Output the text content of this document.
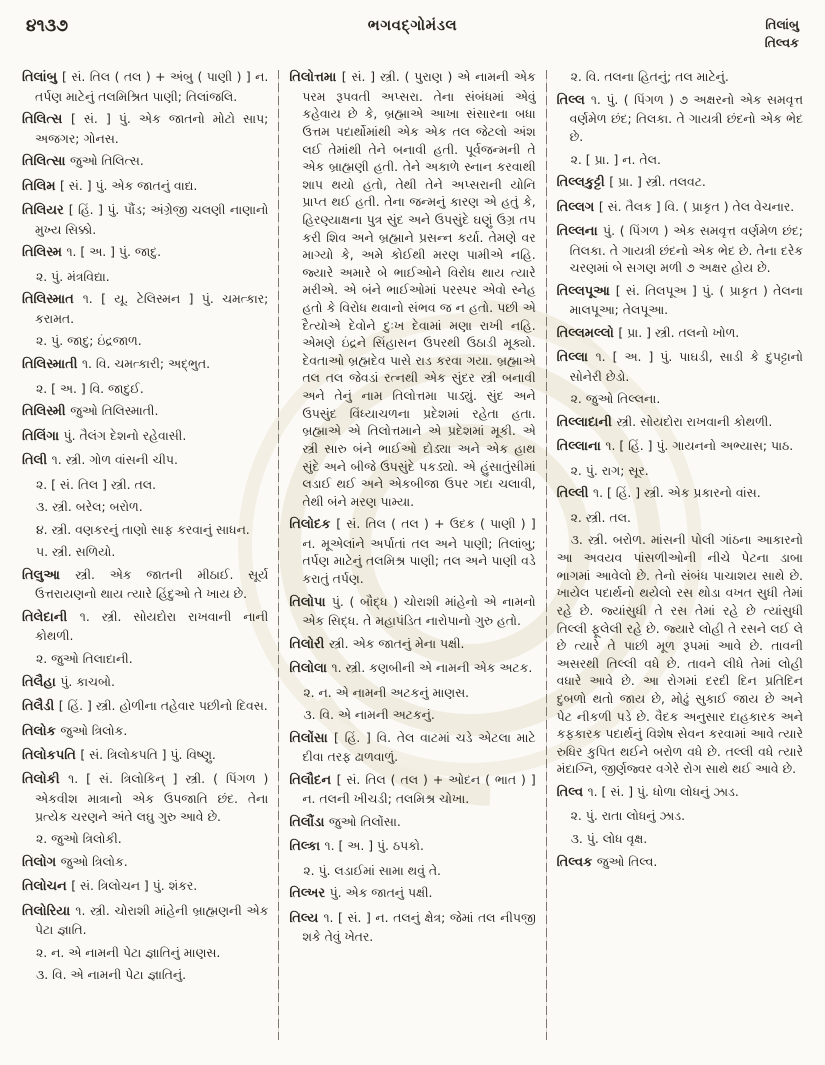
૪૧૩૭	ભગવદ્ગોમંડલ	તિલાંબુ
તિલ્વક

તિલાંબુ [ સં. તિલ ( તલ ) + અંબુ ( પાણી ) ] ન. તર્પણ માટેનું તલમિશ્રિત પાણી; તિલાંજલિ.

તિલિત્સ [ સં. ] પું. એક જાતનો મોટો સાપ; અજગર; ગોનસ.

તિલિત્સા જુઓ તિલિત્સ.

તિલિમ [ સં. ] પું. એક જાતનું વાદ્ય.

તિલિયર [ હિં. ] પું. પૌંડ; અંગ્રેજી ચલણી નાણાનો મુખ્ય સિક્કો.

તિલિસ્મ ૧. [ અ. ] પું. જાદુ.

૨. પું. મંત્રવિદ્યા.

તિલિસ્માત ૧. [ યૂ. ટેલિસ્મન ] પું. ચમત્કાર; કરામત.

૨. પું. જાદુ; ઇંદ્રજાળ.

તિલિસ્માતી ૧. વિ. ચમત્કારી; અદ્ભુત.

૨. [ અ. ] વિ. જાદુઈ.

તિલિસ્મી જુઓ તિલિસ્માતી.

તિલિંગા પું. તૈલંગ દેશનો રહેવાસી.

તિલી ૧. સ્ત્રી. ગોળ વાંસની ચીપ.

૨. [ સં. તિલ ] સ્ત્રી. તલ.

૩. સ્ત્રી. બરેલ; બરોળ.

૪. સ્ત્રી. વણકરનું તાણો સાફ કરવાનું સાધન.

૫. સ્ત્રી. સળિયો.

તિલુઆ સ્ત્રી. એક જાતની મીઠાઈ. સૂર્ય ઉત્તરાયણનો થાય ત્યારે હિંદુઓ તે ખાય છે.

તિલેદાની ૧. સ્ત્રી. સોયદોરા રાખવાની નાની કોથળી.

૨. જુઓ તિલાદાની.

તિલૈહા પું. કાચબો.

તિલૈડી [ હિં. ] સ્ત્રી. હોળીના તહેવાર પછીનો દિવસ.

તિલોક જુઓ ત્રિલોક.

તિલોકપતિ [ સં. ત્રિલોકપતિ ] પું. વિષ્ણુ.

તિલોકી ૧. [ સં. ત્રિલોકિન્ ] સ્ત્રી. ( પિંગળ ) એકવીશ માત્રાનો એક ઉપજાતિ છંદ. તેના પ્રત્યેક ચરણને અંતે લઘુ ગુરુ આવે છે.

૨. જુઓ ત્રિલોકી.

તિલોગ જુઓ ત્રિલોક.

તિલોચન [ સં. ત્રિલોચન ] પું. શંકર.

તિલોરિયા ૧. સ્ત્રી. ચોરાશી માંહેની બ્રાહ્મણની એક પેટા જ્ઞાતિ.

૨. ન. એ નામની પેટા જ્ઞાતિનું માણસ.

૩. વિ. એ નામની પેટા જ્ઞાતિનું.

તિલોત્તમા [ સં. ] સ્ત્રી. ( પુરાણ ) એ નામની એક પરમ રૂપવતી અપ્સરા. તેના સંબંધમાં એવું કહેવાય છે કે, બ્રહ્માએ આખા સંસારના બધા ઉત્તમ પદાર્થોમાંથી એક એક તલ જેટલો અંશ લઈ તેમાંથી તેને બનાવી હતી. પૂર્વજન્મની તે એક બ્રાહ્મણી હતી. તેને અકાળે સ્નાન કરવાથી શાપ થયો હતો, તેથી તેને અપ્સરાની યોનિ પ્રાપ્ત થઈ હતી. તેના જન્મનું કારણ એ હતું કે, હિરણ્યાક્ષના પુત્ર સુંદ અને ઉપસુંદે ઘણું ઉગ્ર તપ કરી શિવ અને બ્રહ્માને પ્રસન્ન કર્યા. તેમણે વર માગ્યો કે, અમે કોઈથી મરણ પામીએ નહિ. જ્યારે અમારે બે ભાઈઓને વિરોધ થાય ત્યારે મરીએ. એ બંને ભાઈઓમાં પરસ્પર એવો સ્નેહ હતો કે વિરોધ થવાનો સંભવ જ ન હતો. પછી એ દૈત્યોએ દેવોને દુઃખ દેવામાં મણા રાખી નહિ. એમણે ઇંદ્રને સિંહાસન ઉપરથી ઉઠાડી મૂક્યો. દેવતાઓ બ્રહ્મદેવ પાસે રાડ કરવા ગયા. બ્રહ્માએ તલ તલ જેવડાં રત્નથી એક સુંદર સ્ત્રી બનાવી અને તેનું નામ તિલોત્તમા પાડ્યું. સુંદ અને ઉપસુંદ વિંધ્યાચળના પ્રદેશમાં રહેતા હતા. બ્રહ્માએ એ તિલોત્તમાને એ પ્રદેશમાં મૂકી. એ સ્ત્રી સારુ બંને ભાઈઓ દોડ્યા અને એક હાથ સુંદે અને બીજે ઉપસુંદે પકડ્યો. એ હુંસાતુંસીમાં લડાઈ થઈ અને એકબીજા ઉપર ગદા ચલાવી, તેથી બંને મરણ પામ્યા.

તિલોદક [ સં. તિલ ( તલ ) + ઉદક ( પાણી ) ] ન. મૂએલાંને અર્પાતાં તલ અને પાણી; તિલાંબુ; તર્પણ માટેનું તલમિશ્ર પાણી; તલ અને પાણી વડે કરાતું તર્પણ.

તિલોપા પું. ( બૌદ્ધ ) ચોરાશી માંહેનો એ નામનો એક સિદ્ધ. તે મહાપંડિત નારોપાનો ગુરુ હતો.

તિલોરી સ્ત્રી. એક જાતનું મેના પક્ષી.

તિલોલા ૧. સ્ત્રી. કણબીની એ નામની એક અટક.

૨. ન. એ નામની અટકનું માણસ.

૩. વિ. એ નામની અટકનું.

તિલોંસા [ હિં. ] વિ. તેલ વાટમાં ચડે એટલા માટે દીવા તરફ ઢાળવાળું.

તિલૌદન [ સં. તિલ ( તલ ) + ઓદન ( ભાત ) ] ન. તલની ખીચડી; તલમિશ્ર ચોખા.

તિલૌંડા જુઓ તિલોંસા.

તિલ્કા ૧. [ અ. ] પું. ઠપકો.

૨. પું. લડાઈમાં સામા થવું તે.

તિલ્ખર પું. એક જાતનું પક્ષી.

તિલ્ય ૧. [ સં. ] ન. તલનું ક્ષેત્ર; જેમાં તલ નીપજી શકે તેવું ખેતર.

૨. વિ. તલના હિતનું; તલ માટેનું.

તિલ્લ ૧. પું. ( પિંગળ ) ૭ અક્ષરનો એક સમવૃત્ત વર્ણમેળ છંદ; તિલકા. તે ગાયત્રી છંદનો એક ભેદ છે.

૨. [ પ્રા. ] ન. તેલ.

તિલ્લકુટ્ટી [ પ્રા. ] સ્ત્રી. તલવટ.

તિલ્લગ [ સં. તૈલક ] વિ. ( પ્રાકૃત ) તેલ વેચનાર.

તિલ્લના પું. ( પિંગળ ) એક સમવૃત્ત વર્ણમેળ છંદ; તિલકા. તે ગાયત્રી છંદનો એક ભેદ છે. તેના દરેક ચરણમાં બે સગણ મળી ૭ અક્ષર હોય છે.

તિલ્લપૂઆ [ સં. તિલપૂઅ ] પું. ( પ્રાકૃત ) તેલના માલપૂઆ; તેલપૂઆ.

તિલ્લમલ્લો [ પ્રા. ] સ્ત્રી. તલનો ખોળ.

તિલ્લા ૧. [ અ. ] પું. પાઘડી, સાડી કે દુપટ્ટાનો સોનેરી છેડો.

૨. જુઓ તિલ્લના.

તિલ્લાદાની સ્ત્રી. સોયદોરા રાખવાની કોથળી.

તિલ્લાના ૧. [ હિં. ] પું. ગાયનનો અભ્યાસ; પાઠ.

૨. પું. રાગ; સૂર.

તિલ્લી ૧. [ હિં. ] સ્ત્રી. એક પ્રકારનો વાંસ.

૨. સ્ત્રી. તલ.

૩. સ્ત્રી. બરોળ. માંસની પોલી ગાંઠના આકારનો આ અવયવ પાંસળીઓની નીચે પેટના ડાબા ભાગમાં આવેલો છે. તેનો સંબંધ પાચાશય સાથે છે. ખાયેલ પદાર્થનો થયેલો રસ થોડા વખત સુધી તેમાં રહે છે. જ્યાંસુધી તે રસ તેમાં રહે છે ત્યાંસુધી તિલ્લી ફૂલેલી રહે છે. જ્યારે લોહી તે રસને લઈ લે છે ત્યારે તે પાછી મૂળ રૂપમાં આવે છે. તાવની અસરથી તિલ્લી વધે છે. તાવને લીધે તેમાં લોહી વધારે આવે છે. આ રોગમાં દરદી દિન પ્રતિદિન દુબળો થતો જાય છે, મોઢું સુકાઈ જાય છે અને પેટ નીકળી પડે છે. વૈદક અનુસાર દાહકારક અને કફકારક પદાર્થનું વિશેષ સેવન કરવામાં આવે ત્યારે રુધિર કુપિત થઈને બરોળ વધે છે. તલ્લી વધે ત્યારે મંદાગ્નિ, જીર્ણજ્વર વગેરે રોગ સાથે થઈ આવે છે.

તિલ્વ ૧. [ સં. ] પું. ધોળા લોધનું ઝાડ.

૨. પું. રાતા લોધનું ઝાડ.

૩. પું. લોધ વૃક્ષ.

તિલ્વક જુઓ તિલ્વ.
